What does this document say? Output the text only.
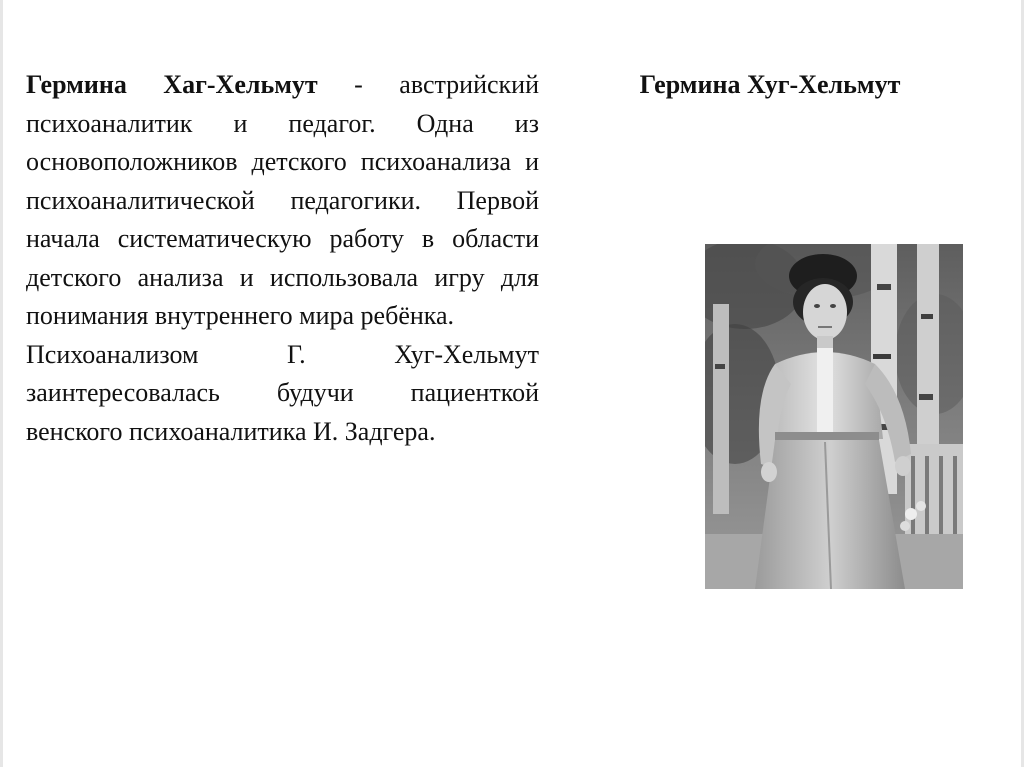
Гермина Хаг-Хельмут - австрийский психоаналитик и педагог. Одна из основоположников детского психоанализа и психоаналитической педагогики. Первой начала систематическую работу в области детского анализа и использовала игру для понимания внутреннего мира ребёнка.

Психоанализом Г. Хуг-Хельмут заинтересовалась будучи пациенткой венского психоаналитика И. Задгера.

Гермина Хуг-Хельмут
